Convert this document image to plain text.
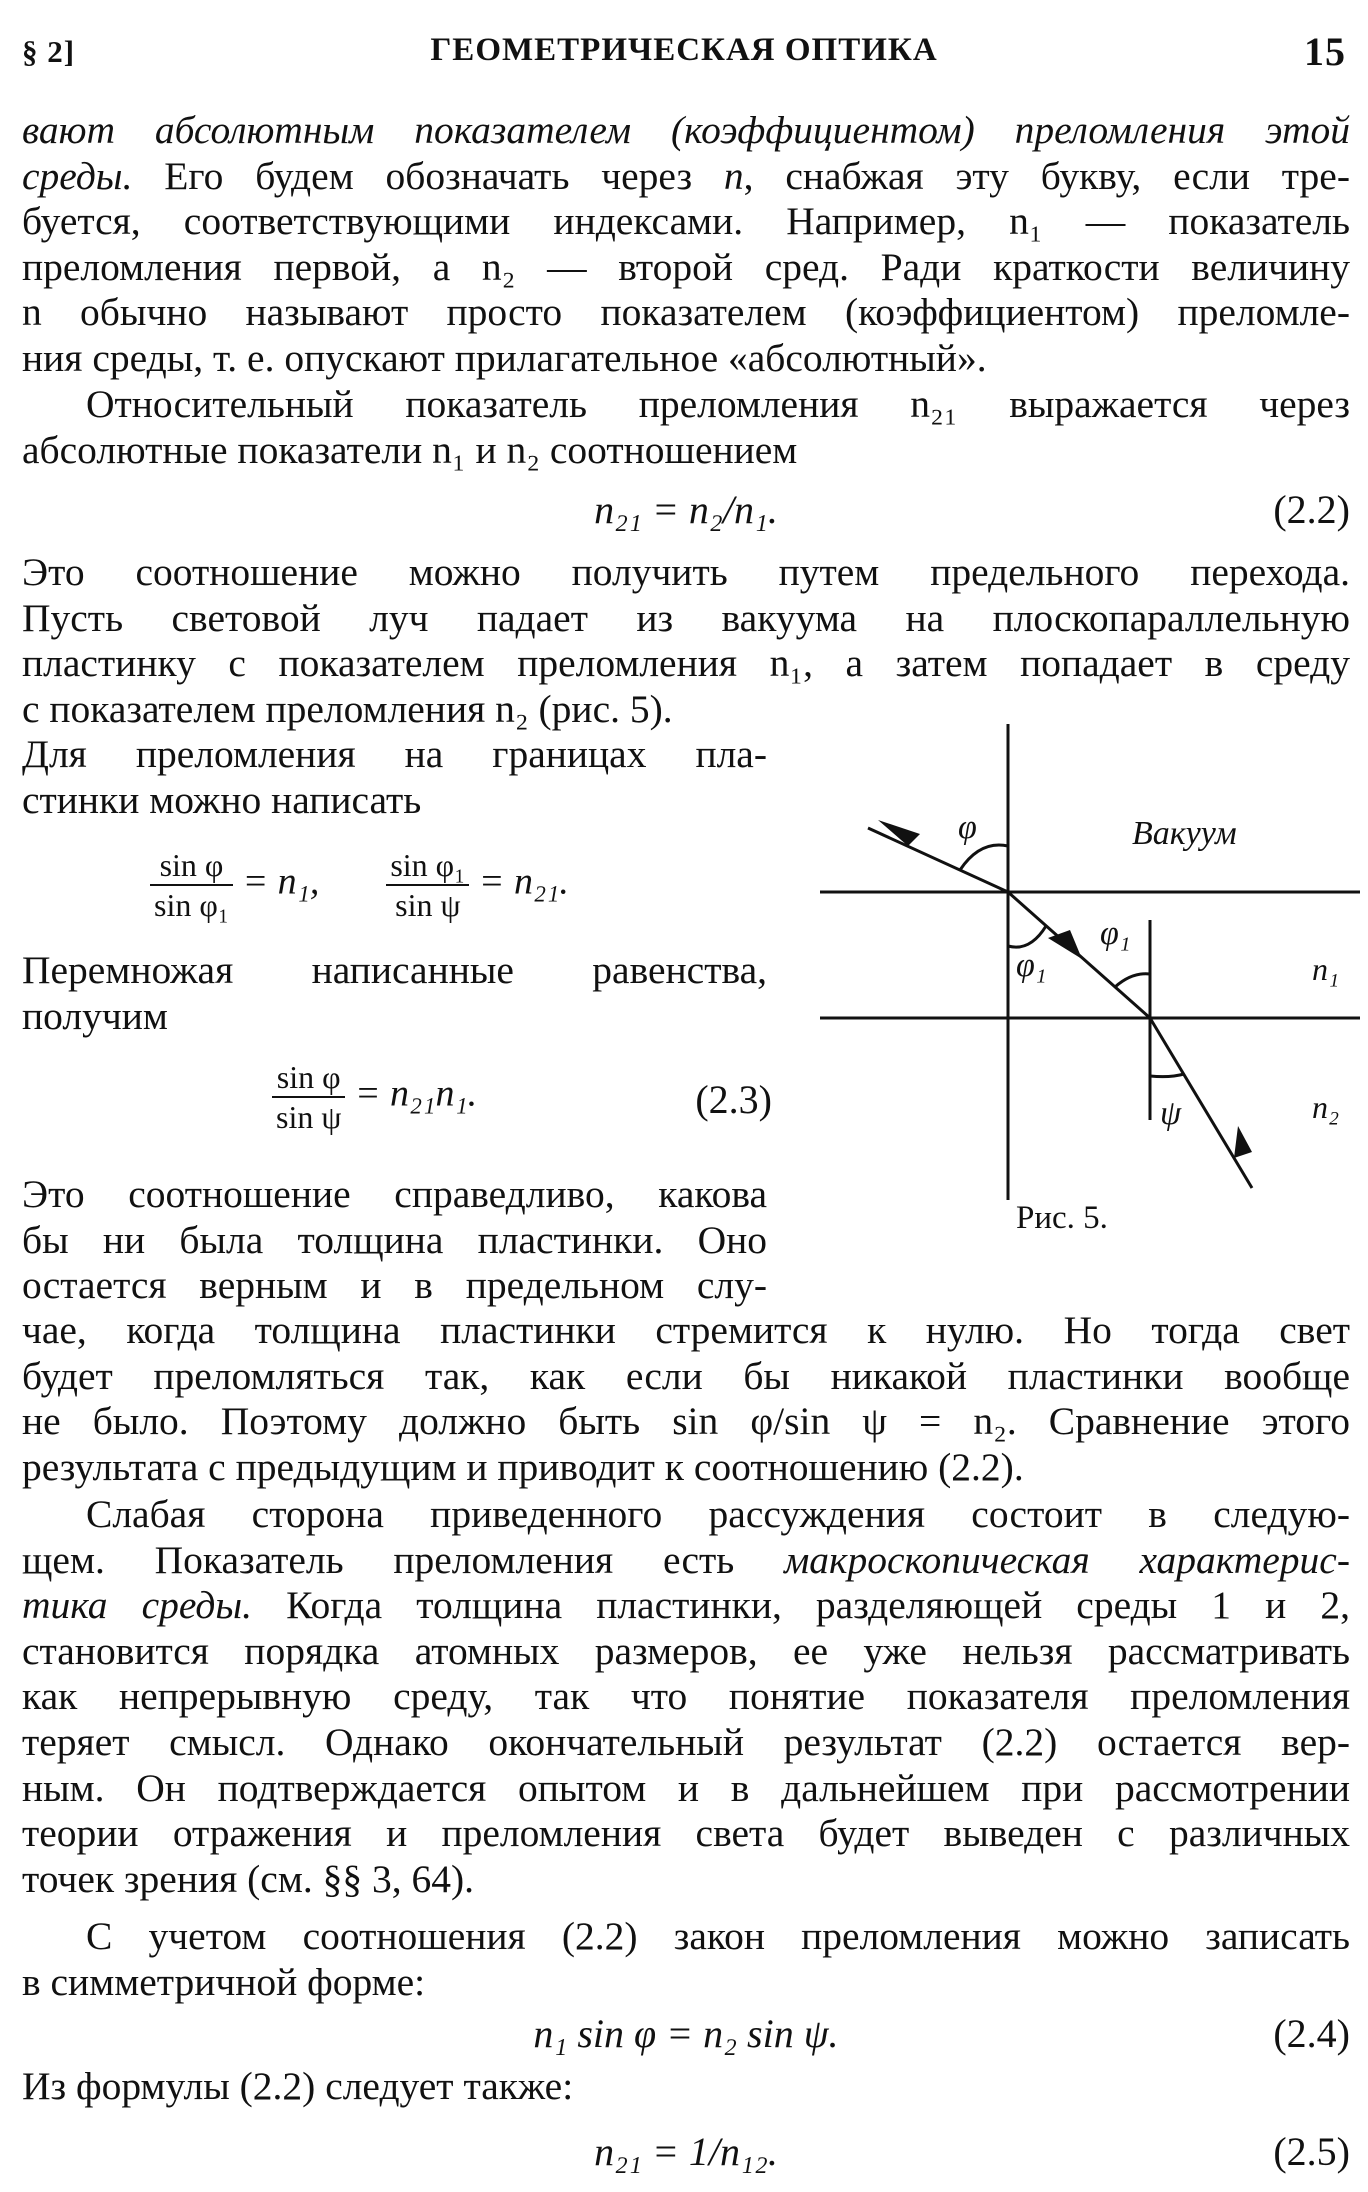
§ 2]	ГЕОМЕТРИЧЕСКАЯ ОПТИКА	15

вают абсолютным показателем (коэффициентом) преломления этой
среды. Его будем обозначать через n, снабжая эту букву, если тре-
буется, соответствующими индексами. Например, n₁ — показатель
преломления первой, а n₂ — второй сред. Ради краткости величину
n обычно называют просто показателем (коэффициентом) преломле-
ния среды, т. е. опускают прилагательное «абсолютный».

Относительный показатель преломления n₂₁ выражается через
абсолютные показатели n₁ и n₂ соотношением

n₂₁ = n₂/n₁.	(2.2)

Это соотношение можно получить путем предельного перехода.
Пусть световой луч падает из вакуума на плоскопараллельную
пластинку с показателем преломления n₁, а затем попадает в среду
с показателем преломления n₂ (рис. 5).

Для преломления на границах пла-
стинки можно написать

$\frac{\text{sin φ}}{\text{sin φ₁}} = n_1$, $\frac{\text{sin φ₁}}{\text{sin ψ}} = n_{21}$.

Перемножая написанные равенства,
получим

$\frac{\text{sin φ}}{\text{sin ψ}} = n_{21}n_1$.	(2.3)

Это соотношение справедливо, какова
бы ни была толщина пластинки. Оно
остается верным и в предельном слу-

чае, когда толщина пластинки стремится к нулю. Но тогда свет
будет преломляться так, как если бы никакой пластинки вообще
не было. Поэтому должно быть sin φ/sin ψ = n₂. Сравнение этого
результата с предыдущим и приводит к соотношению (2.2).

Слабая сторона приведенного рассуждения состоит в следую-
щем. Показатель преломления есть макроскопическая характерис-
тика среды. Когда толщина пластинки, разделяющей среды 1 и 2,
становится порядка атомных размеров, ее уже нельзя рассматривать
как непрерывную среду, так что понятие показателя преломления
теряет смысл. Однако окончательный результат (2.2) остается вер-
ным. Он подтверждается опытом и в дальнейшем при рассмотрении
теории отражения и преломления света будет выведен с различных
точек зрения (см. §§ 3, 64).

С учетом соотношения (2.2) закон преломления можно записать
в симметричной форме:

n₁ sin φ = n₂ sin ψ.	(2.4)

Из формулы (2.2) следует также:

n₂₁ = 1/n₁₂.	(2.5)
Вакуум
φ
φ₁
φ₁
ψ
n₁
n₂
Рис. 5.
